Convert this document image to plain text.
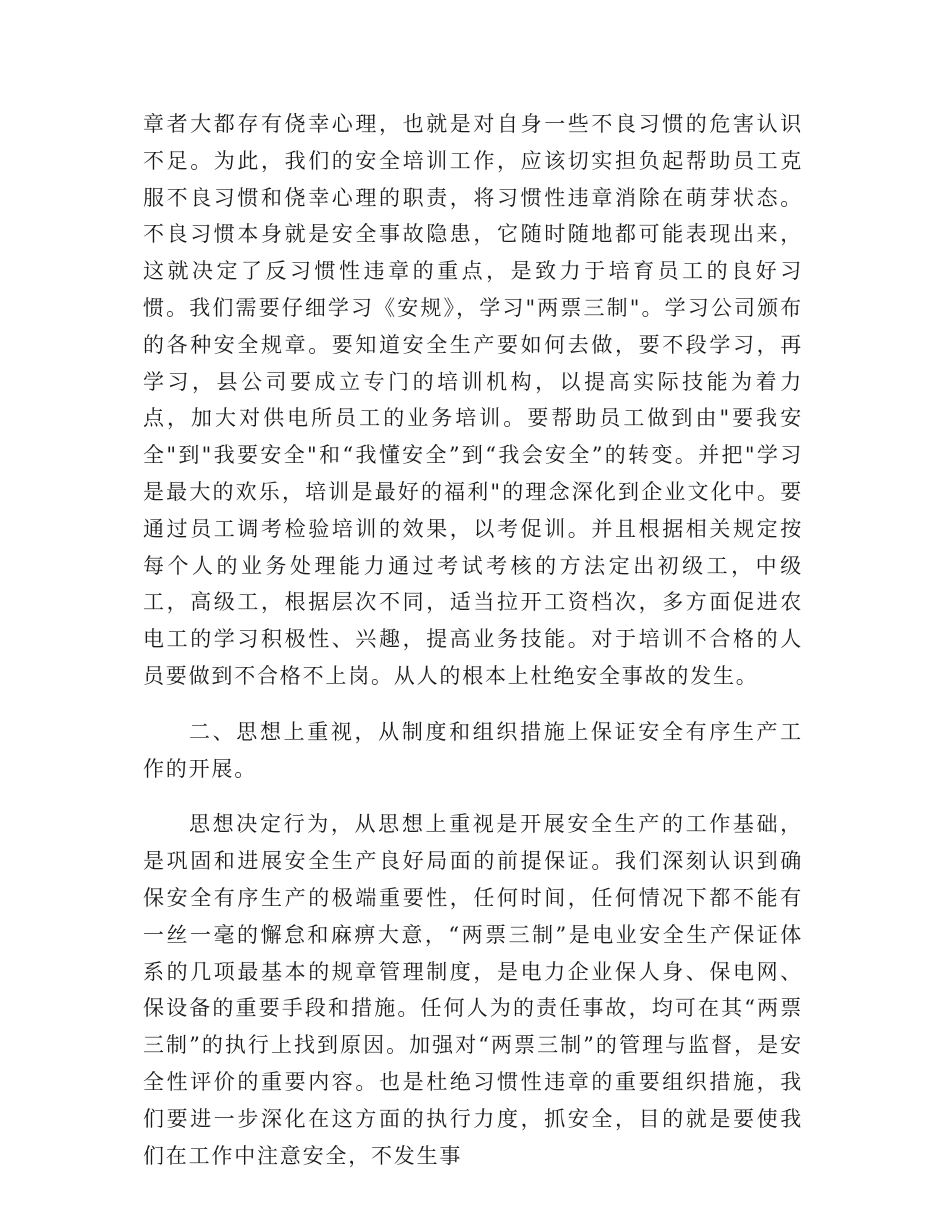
章者大都存有侥幸心理，也就是对自身一些不良习惯的危害认识不足。为此，我们的安全培训工作，应该切实担负起帮助员工克服不良习惯和侥幸心理的职责，将习惯性违章消除在萌芽状态。不良习惯本身就是安全事故隐患，它随时随地都可能表现出来，这就决定了反习惯性违章的重点，是致力于培育员工的良好习惯。我们需要仔细学习《安规》，学习"两票三制"。学习公司颁布的各种安全规章。要知道安全生产要如何去做，要不段学习，再学习，县公司要成立专门的培训机构，以提高实际技能为着力点，加大对供电所员工的业务培训。要帮助员工做到由"要我安全"到"我要安全"和“我懂安全”到“我会安全”的转变。并把"学习是最大的欢乐，培训是最好的福利"的理念深化到企业文化中。要通过员工调考检验培训的效果，以考促训。并且根据相关规定按每个人的业务处理能力通过考试考核的方法定出初级工，中级工，高级工，根据层次不同，适当拉开工资档次，多方面促进农电工的学习积极性、兴趣，提高业务技能。对于培训不合格的人员要做到不合格不上岗。从人的根本上杜绝安全事故的发生。

二、思想上重视，从制度和组织措施上保证安全有序生产工作的开展。

思想决定行为，从思想上重视是开展安全生产的工作基础，是巩固和进展安全生产良好局面的前提保证。我们深刻认识到确保安全有序生产的极端重要性，任何时间，任何情况下都不能有一丝一毫的懈怠和麻痹大意，“两票三制”是电业安全生产保证体系的几项最基本的规章管理制度，是电力企业保人身、保电网、保设备的重要手段和措施。任何人为的责任事故，均可在其“两票三制”的执行上找到原因。加强对“两票三制”的管理与监督，是安全性评价的重要内容。也是杜绝习惯性违章的重要组织措施，我们要进一步深化在这方面的执行力度，抓安全，目的就是要使我们在工作中注意安全，不发生事
